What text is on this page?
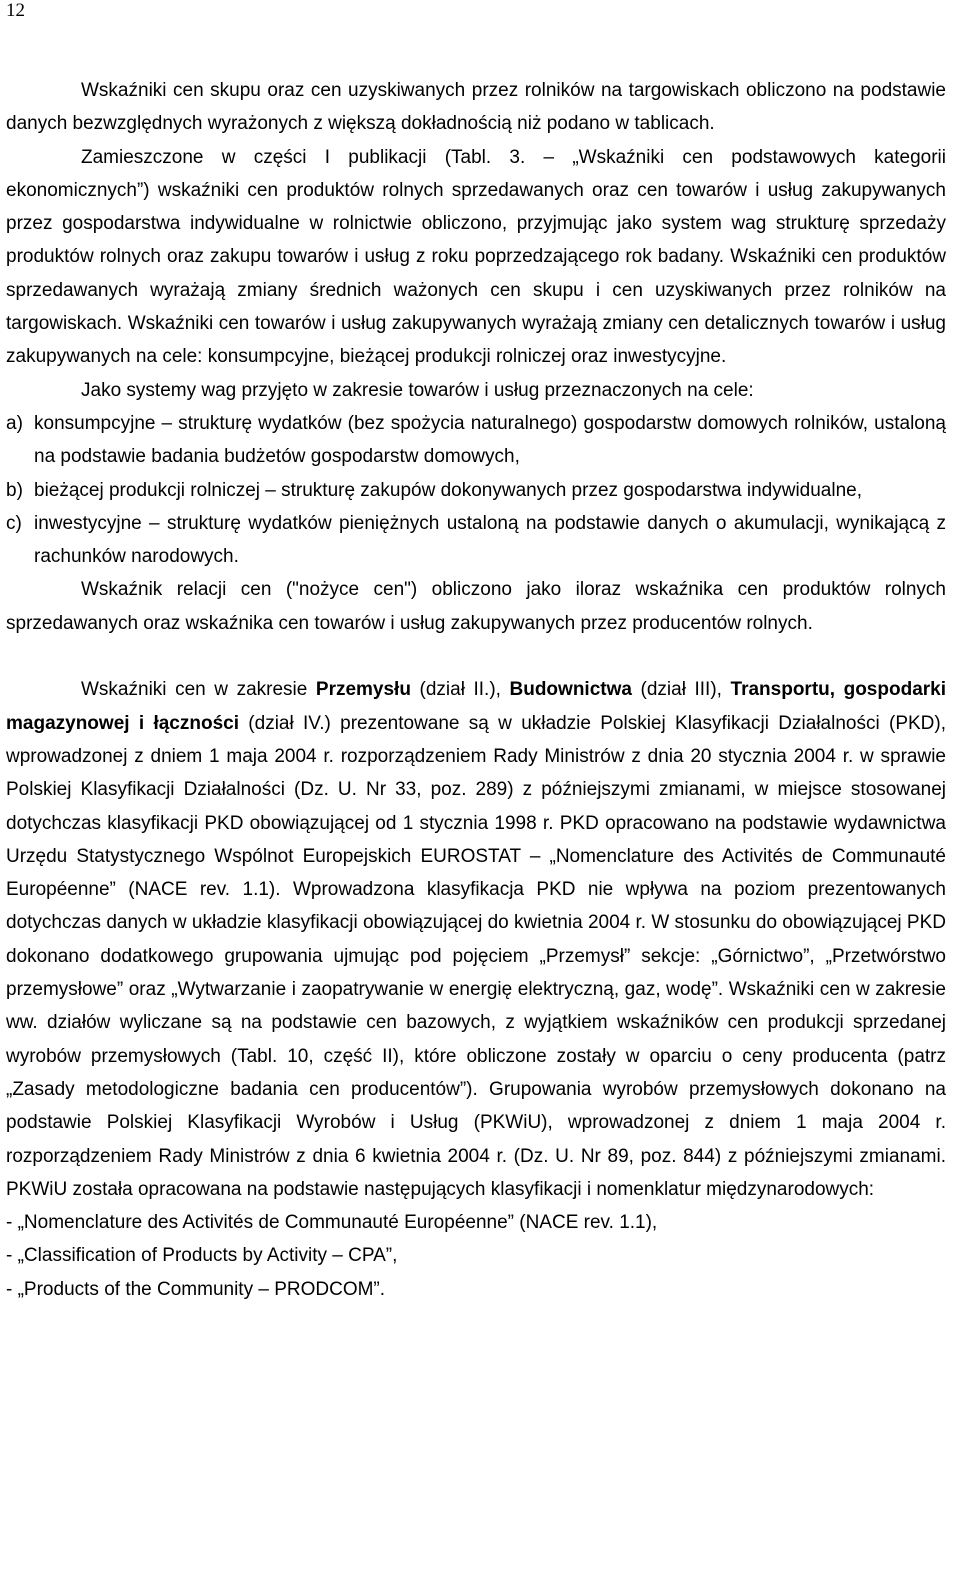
12

Wskaźniki cen skupu oraz cen uzyskiwanych przez rolników na targowiskach obliczono na podstawie danych bezwzględnych wyrażonych z większą dokładnością niż podano w tablicach.

Zamieszczone w części I publikacji (Tabl. 3. – „Wskaźniki cen podstawowych kategorii ekonomicznych”) wskaźniki cen produktów rolnych sprzedawanych oraz cen towarów i usług zakupywanych przez gospodarstwa indywidualne w rolnictwie obliczono, przyjmując jako system wag strukturę sprzedaży produktów rolnych oraz zakupu towarów i usług z roku poprzedzającego rok badany. Wskaźniki cen produktów sprzedawanych wyrażają zmiany średnich ważonych cen skupu i cen uzyskiwanych przez rolników na targowiskach. Wskaźniki cen towarów i usług zakupywanych wyrażają zmiany cen detalicznych towarów i usług zakupywanych na cele: konsumpcyjne, bieżącej produkcji rolniczej oraz inwestycyjne.

Jako systemy wag przyjęto w zakresie towarów i usług przeznaczonych na cele:

a) konsumpcyjne – strukturę wydatków (bez spożycia naturalnego) gospodarstw domowych rolników, ustaloną na podstawie badania budżetów gospodarstw domowych,
b) bieżącej produkcji rolniczej – strukturę zakupów dokonywanych przez gospodarstwa indywidualne,
c) inwestycyjne – strukturę wydatków pieniężnych ustaloną na podstawie danych o akumulacji, wynikającą z rachunków narodowych.

Wskaźnik relacji cen ("nożyce cen") obliczono jako iloraz wskaźnika cen produktów rolnych sprzedawanych oraz wskaźnika cen towarów i usług zakupywanych przez producentów rolnych.

Wskaźniki cen w zakresie Przemysłu (dział II.), Budownictwa (dział III), Transportu, gospodarki magazynowej i łączności (dział IV.) prezentowane są w układzie Polskiej Klasyfikacji Działalności (PKD), wprowadzonej z dniem 1 maja 2004 r. rozporządzeniem Rady Ministrów z dnia 20 stycznia 2004 r. w sprawie Polskiej Klasyfikacji Działalności (Dz. U. Nr 33, poz. 289) z późniejszymi zmianami, w miejsce stosowanej dotychczas klasyfikacji PKD obowiązującej od 1 stycznia 1998 r. PKD opracowano na podstawie wydawnictwa Urzędu Statystycznego Wspólnot Europejskich EUROSTAT – „Nomenclature des Activités de Communauté Européenne” (NACE rev. 1.1). Wprowadzona klasyfikacja PKD nie wpływa na poziom prezentowanych dotychczas danych w układzie klasyfikacji obowiązującej do kwietnia 2004 r. W stosunku do obowiązującej PKD dokonano dodatkowego grupowania ujmując pod pojęciem „Przemysł” sekcje: „Górnictwo”, „Przetwórstwo przemysłowe” oraz „Wytwarzanie i zaopatrywanie w energię elektryczną, gaz, wodę”. Wskaźniki cen w zakresie ww. działów wyliczane są na podstawie cen bazowych, z wyjątkiem wskaźników cen produkcji sprzedanej wyrobów przemysłowych (Tabl. 10, część II), które obliczone zostały w oparciu o ceny producenta (patrz „Zasady metodologiczne badania cen producentów”). Grupowania wyrobów przemysłowych dokonano na podstawie Polskiej Klasyfikacji Wyrobów i Usług (PKWiU), wprowadzonej z dniem 1 maja 2004 r. rozporządzeniem Rady Ministrów z dnia 6 kwietnia 2004 r. (Dz. U. Nr 89, poz. 844) z późniejszymi zmianami. PKWiU została opracowana na podstawie następujących klasyfikacji i nomenklatur międzynarodowych:

- „Nomenclature des Activités de Communauté Européenne” (NACE rev. 1.1),

- „Classification of Products by Activity – CPA”,

- „Products of the Community – PRODCOM”.
